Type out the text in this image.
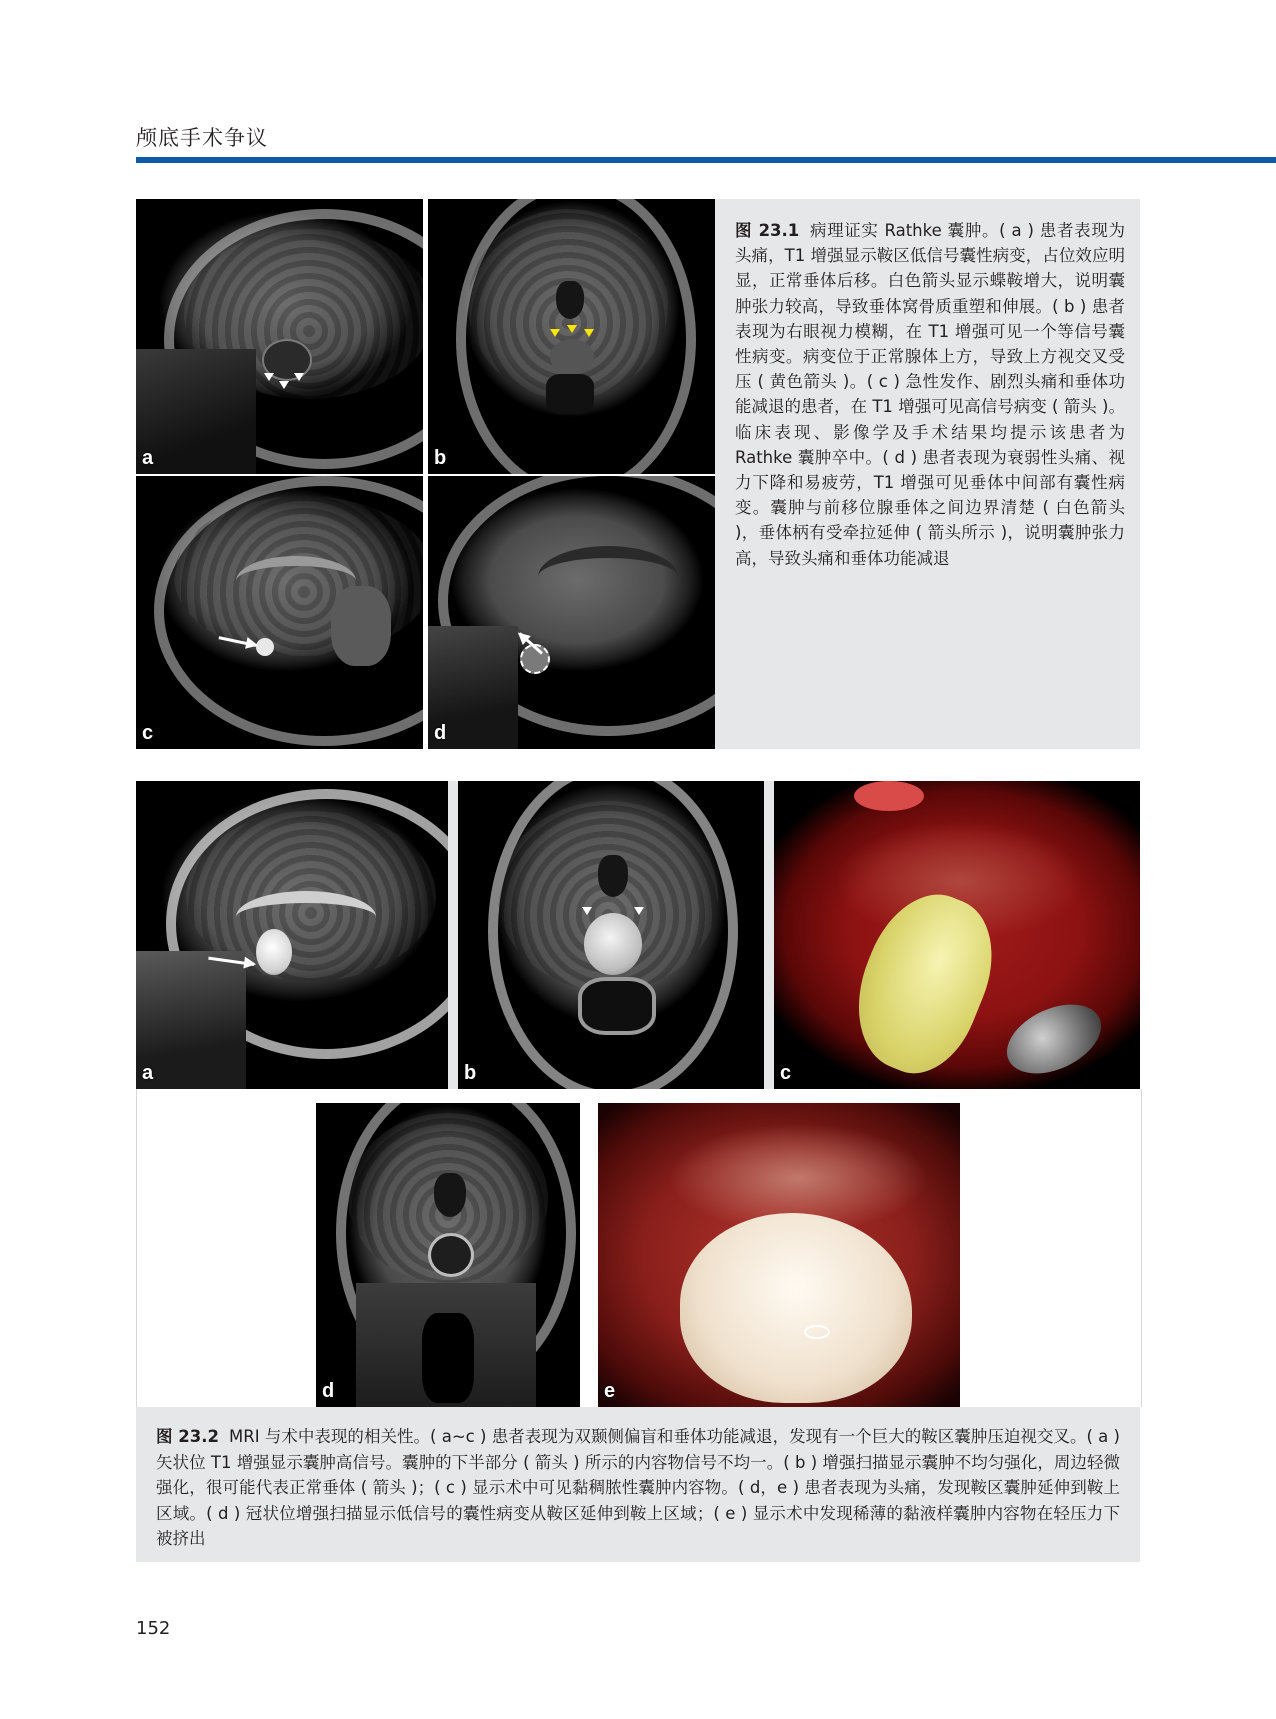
颅底手术争议
a	b
c	d
图 23.1 病理证实 Rathke 囊肿。( a ) 患者表现为头痛，T1 增强显示鞍区低信号囊性病变，占位效应明显，正常垂体后移。白色箭头显示蝶鞍增大，说明囊肿张力较高，导致垂体窝骨质重塑和伸展。( b ) 患者表现为右眼视力模糊，在 T1 增强可见一个等信号囊性病变。病变位于正常腺体上方，导致上方视交叉受压 ( 黄色箭头 )。( c ) 急性发作、剧烈头痛和垂体功能减退的患者，在 T1 增强可见高信号病变 ( 箭头 )。临床表现、影像学及手术结果均提示该患者为 Rathke 囊肿卒中。( d ) 患者表现为衰弱性头痛、视力下降和易疲劳，T1 增强可见垂体中间部有囊性病变。囊肿与前移位腺垂体之间边界清楚 ( 白色箭头 )，垂体柄有受牵拉延伸 ( 箭头所示 )，说明囊肿张力高，导致头痛和垂体功能减退
a	b	c
d	e
图 23.2 MRI 与术中表现的相关性。( a~c ) 患者表现为双颞侧偏盲和垂体功能减退，发现有一个巨大的鞍区囊肿压迫视交叉。( a ) 矢状位 T1 增强显示囊肿高信号。囊肿的下半部分 ( 箭头 ) 所示的内容物信号不均一。( b ) 增强扫描显示囊肿不均匀强化，周边轻微强化，很可能代表正常垂体 ( 箭头 )；( c ) 显示术中可见黏稠脓性囊肿内容物。( d，e ) 患者表现为头痛，发现鞍区囊肿延伸到鞍上区域。( d ) 冠状位增强扫描显示低信号的囊性病变从鞍区延伸到鞍上区域；( e ) 显示术中发现稀薄的黏液样囊肿内容物在轻压力下被挤出
152
